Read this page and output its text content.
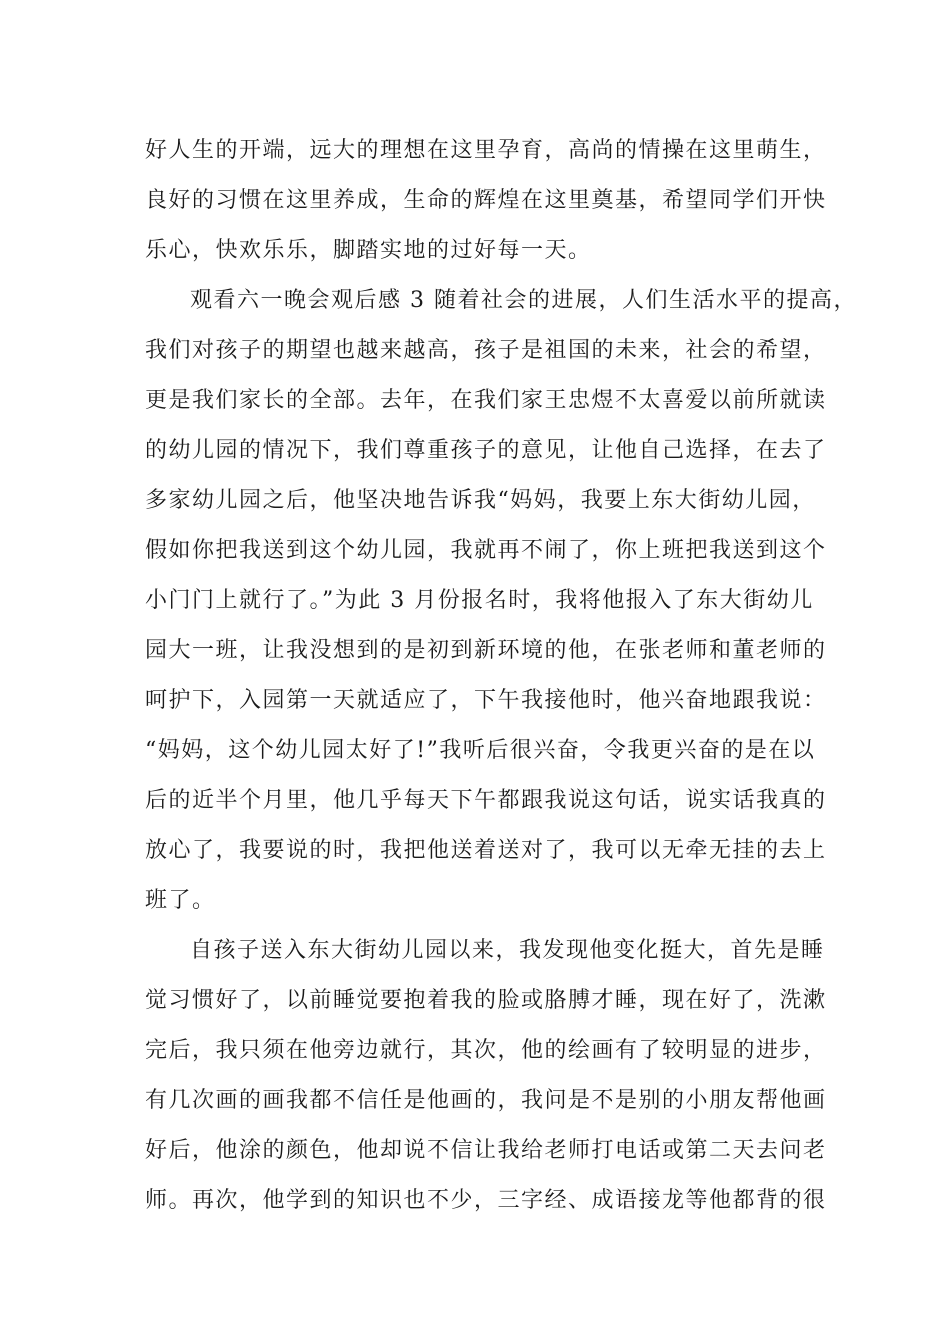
好人生的开端，远大的理想在这里孕育，高尚的情操在这里萌生，
良好的习惯在这里养成，生命的辉煌在这里奠基，希望同学们开快
乐心，快欢乐乐，脚踏实地的过好每一天。
观看六一晚会观后感 3 随着社会的进展，人们生活水平的提高，
我们对孩子的期望也越来越高，孩子是祖国的未来，社会的希望，
更是我们家长的全部。去年，在我们家王忠煜不太喜爱以前所就读
的幼儿园的情况下，我们尊重孩子的意见，让他自己选择，在去了
多家幼儿园之后，他坚决地告诉我“妈妈，我要上东大街幼儿园，
假如你把我送到这个幼儿园，我就再不闹了，你上班把我送到这个
小门门上就行了。”为此 3 月份报名时，我将他报入了东大街幼儿
园大一班，让我没想到的是初到新环境的他，在张老师和董老师的
呵护下，入园第一天就适应了，下午我接他时，他兴奋地跟我说：
“妈妈，这个幼儿园太好了!”我听后很兴奋，令我更兴奋的是在以
后的近半个月里，他几乎每天下午都跟我说这句话，说实话我真的
放心了，我要说的时，我把他送着送对了，我可以无牵无挂的去上
班了。
自孩子送入东大街幼儿园以来，我发现他变化挺大，首先是睡
觉习惯好了，以前睡觉要抱着我的脸或胳膊才睡，现在好了，洗漱
完后，我只须在他旁边就行，其次，他的绘画有了较明显的进步，
有几次画的画我都不信任是他画的，我问是不是别的小朋友帮他画
好后，他涂的颜色，他却说不信让我给老师打电话或第二天去问老
师。再次，他学到的知识也不少，三字经、成语接龙等他都背的很
